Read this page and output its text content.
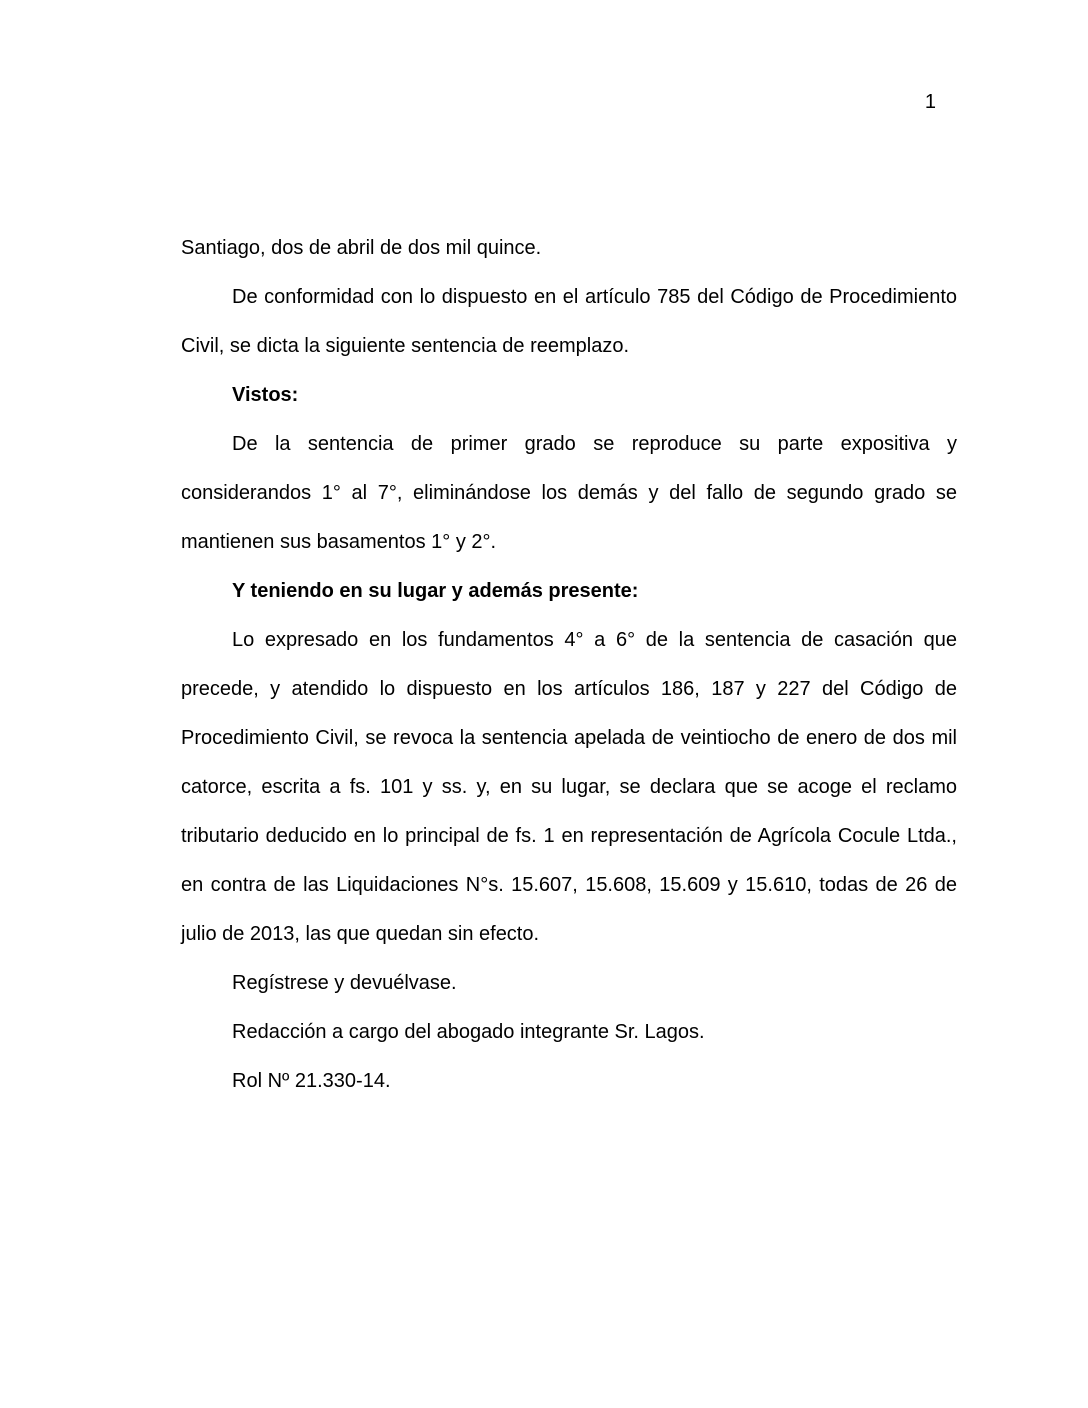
1

Santiago, dos de abril de dos mil quince.

De conformidad con lo dispuesto en el artículo 785 del Código de Procedimiento Civil, se dicta la siguiente sentencia de reemplazo.

Vistos:

De la sentencia de primer grado se reproduce su parte expositiva y considerandos 1° al 7°, eliminándose los demás y del fallo de segundo grado se mantienen sus basamentos 1° y 2°.

Y teniendo en su lugar y además presente:

Lo expresado en los fundamentos 4° a 6° de la sentencia de casación que precede, y atendido lo dispuesto en los artículos 186, 187 y 227 del Código de Procedimiento Civil, se revoca la sentencia apelada de veintiocho de enero de dos mil catorce, escrita a fs. 101 y ss. y, en su lugar, se declara que se acoge el reclamo tributario deducido en lo principal de fs. 1 en representación de Agrícola Cocule Ltda., en contra de las Liquidaciones N°s. 15.607, 15.608, 15.609 y 15.610, todas de 26 de julio de 2013, las que quedan sin efecto.

Regístrese y devuélvase.

Redacción a cargo del abogado integrante Sr. Lagos.

Rol Nº 21.330-14.
